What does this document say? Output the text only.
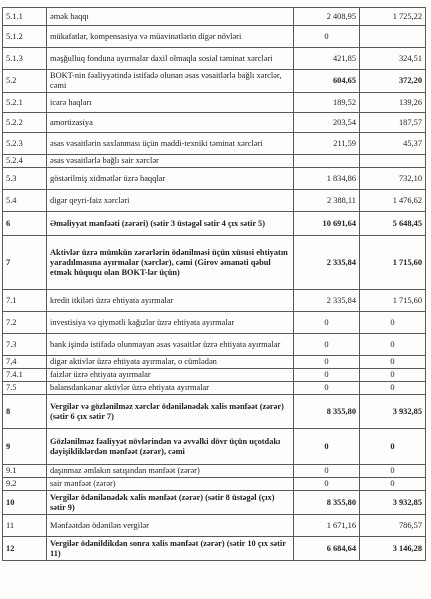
5.1.1	əmək haqqı	2 408,95	1 725,22
5.1.2	mükafatlar, kompensasiya və müavinətlərin digər növləri	0	
5.1.3	məşğulluq fonduna ayırmalar daxil olmaqla sosial təminat xərcləri	421,85	324,51
5.2	BOKT-nin fəaliyyətində istifadə olunan əsas vəsaitlərlə bağlı xərclər, cəmi	604,65	372,20
5.2.1	icarə haqları	189,52	139,26
5.2.2	amortizasiya	203,54	187,57
5.2.3	əsas vəsaitlərin saxlanması üçün maddi-texniki təminat xərcləri	211,59	45,37
5.2.4	əsas vəsaitlərlə bağlı sair xərclər		
5.3	göstərilmiş xidmətlər üzrə haqqlar	1 834,86	732,10
5.4	digər qeyri-faiz xərcləri	2 388,11	1 476,62
6	Əməliyyat mənfəəti (zərəri) (sətir 3 üstəgəl sətir 4 çıx sətir 5)	10 691,64	5 648,45
7	Aktivlər üzrə mümkün zərərlərin ödənilməsi üçün xüsusi ehtiyatın yaradılmasına ayırmalar (xərclər), cəmi (Girov əmanəti qəbul etmək hüququ olan BOKT-lər üçün)	2 335,84	1 715,60
7.1	kredit itkiləri üzrə ehtiyata ayırmalar	2 335,84	1 715,60
7.2	investisiya və qiymətli kağızlar üzrə ehtiyata ayırmalar	0	0
7.3	bank işində istifadə olunmayan əsas vəsaitlər üzrə ehtiyata ayırmalar	0	0
7,4	digər aktivlər üzrə ehtiyata ayırmalar, o cümlədən	0	0
7.4.1	faizlər üzrə ehtiyata ayırmalar	0	0
7.5	balansdankənar aktivlər üzrə ehtiyata ayırmalar	0	0
8	Vergilər və gözlənilməz xərclər ödənilənədək xalis mənfəət (zərər) (sətir 6 çıx sətir 7)	8 355,80	3 932,85
9	Gözlənilməz fəaliyyət növlərindən və əvvəlki dövr üçün uçotdakı dəyişikliklərdən mənfəət (zərər), cəmi	0	0
9.1	daşınmaz əmlakın satışından mənfəət (zərər)	0	0
9.2	sair mənfəət (zərər)	0	0
10	Vergilər ödənilənədək xalis mənfəət (zərər) (sətir 8 üstəgəl (çıx) sətir 9)	8 355,80	3 932,85
11	Mənfəətdən ödənilən vergilər	1 671,16	786,57
12	Vergilər ödənildikdən sonra xalis mənfəət (zərər) (sətir 10 çıx sətir 11)	6 684,64	3 146,28
